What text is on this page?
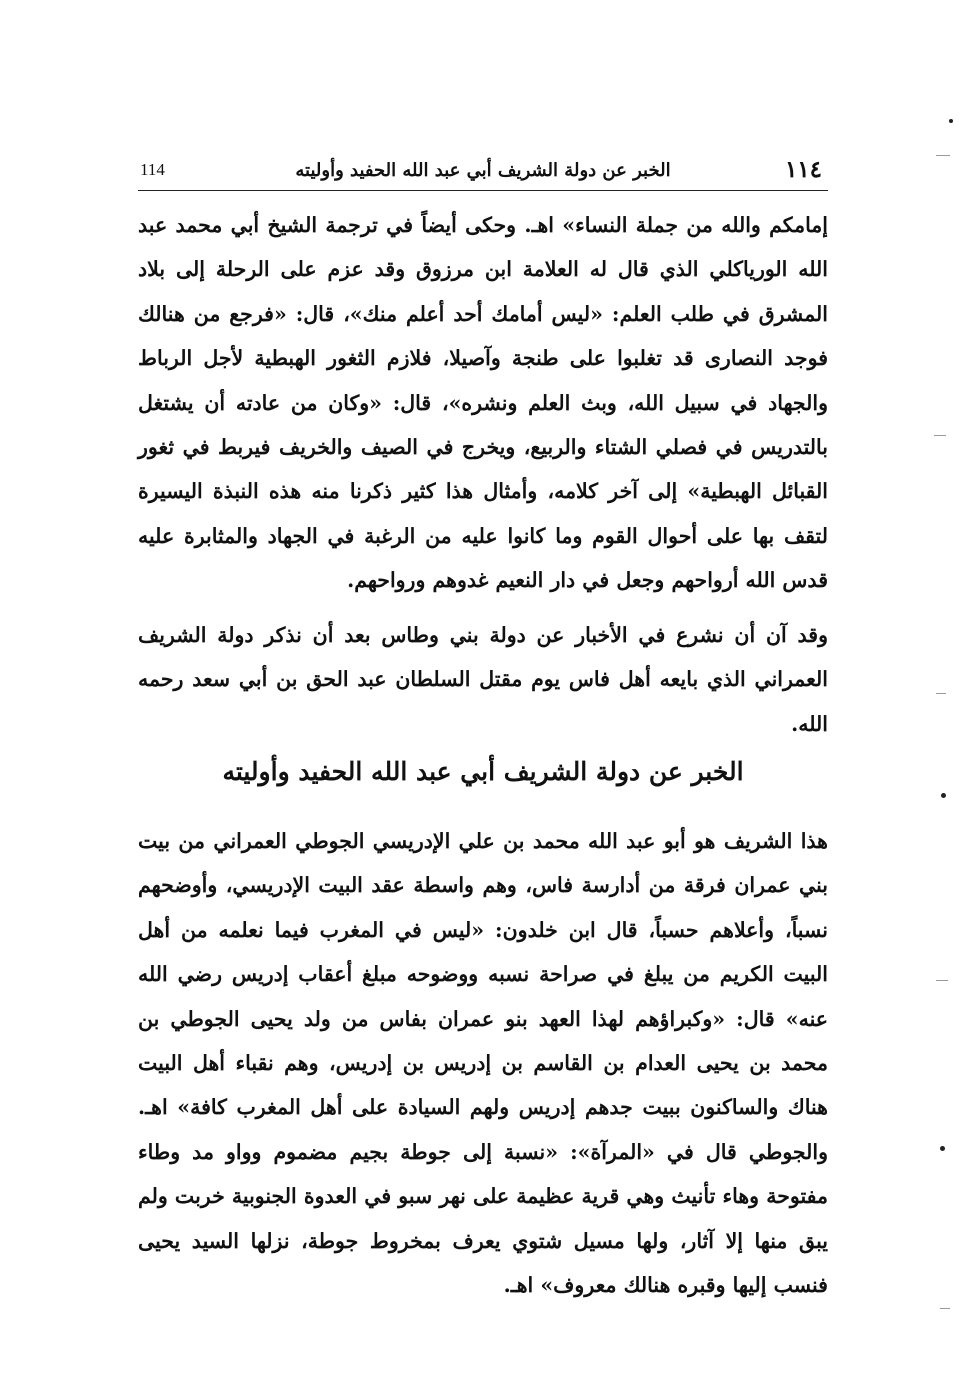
١١٤
الخبر عن دولة الشريف أبي عبد الله الحفيد وأوليته
114

إمامكم والله من جملة النساء» اهـ. وحكى أيضاً في ترجمة الشيخ أبي محمد عبد الله الورياكلي الذي قال له العلامة ابن مرزوق وقد عزم على الرحلة إلى بلاد المشرق في طلب العلم: «ليس أمامك أحد أعلم منك»، قال: «فرجع من هنالك فوجد النصارى قد تغلبوا على طنجة وآصيلا، فلازم الثغور الهبطية لأجل الرباط والجهاد في سبيل الله، وبث العلم ونشره»، قال: «وكان من عادته أن يشتغل بالتدريس في فصلي الشتاء والربيع، ويخرج في الصيف والخريف فيربط في ثغور القبائل الهبطية» إلى آخر كلامه، وأمثال هذا كثير ذكرنا منه هذه النبذة اليسيرة لتقف بها على أحوال القوم وما كانوا عليه من الرغبة في الجهاد والمثابرة عليه قدس الله أرواحهم وجعل في دار النعيم غدوهم ورواحهم.

وقد آن أن نشرع في الأخبار عن دولة بني وطاس بعد أن نذكر دولة الشريف العمراني الذي بايعه أهل فاس يوم مقتل السلطان عبد الحق بن أبي سعد رحمه الله.

الخبر عن دولة الشريف أبي عبد الله الحفيد وأوليته

هذا الشريف هو أبو عبد الله محمد بن علي الإدريسي الجوطي العمراني من بيت بني عمران فرقة من أدارسة فاس، وهم واسطة عقد البيت الإدريسي، وأوضحهم نسباً، وأعلاهم حسباً، قال ابن خلدون: «ليس في المغرب فيما نعلمه من أهل البيت الكريم من يبلغ في صراحة نسبه ووضوحه مبلغ أعقاب إدريس رضي الله عنه» قال: «وكبراؤهم لهذا العهد بنو عمران بفاس من ولد يحيى الجوطي بن محمد بن يحيى العدام بن القاسم بن إدريس بن إدريس، وهم نقباء أهل البيت هناك والساكنون ببيت جدهم إدريس ولهم السيادة على أهل المغرب كافة» اهـ. والجوطي قال في «المرآة»: «نسبة إلى جوطة بجيم مضموم وواو مد وطاء مفتوحة وهاء تأنيث وهي قرية عظيمة على نهر سبو في العدوة الجنوبية خربت ولم يبق منها إلا آثار، ولها مسيل شتوي يعرف بمخروط جوطة، نزلها السيد يحيى فنسب إليها وقبره هنالك معروف» اهـ.
